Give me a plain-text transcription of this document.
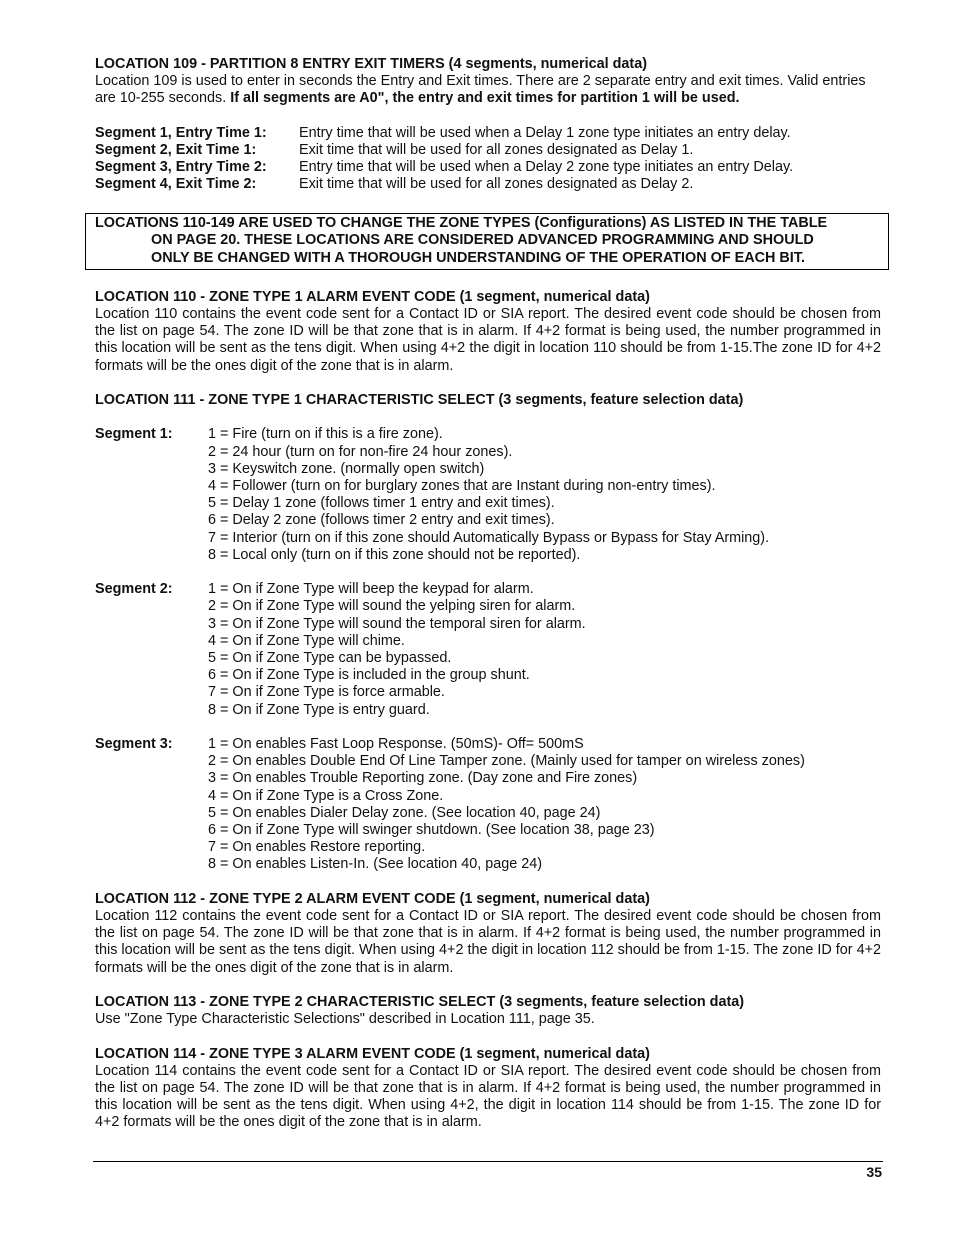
LOCATION 109 - PARTITION 8 ENTRY EXIT TIMERS (4 segments, numerical data)

Location 109 is used to enter in seconds the Entry and Exit times. There are 2 separate entry and exit times. Valid entries are 10-255 seconds. If all segments are A0", the entry and exit times for partition 1 will be used.

Segment 1, Entry Time 1:	Entry time that will be used when a Delay 1 zone type initiates an entry delay.
Segment 2, Exit Time 1:	Exit time that will be used for all zones designated as Delay 1.
Segment 3, Entry Time 2:	Entry time that will be used when a Delay 2 zone type initiates an entry Delay.
Segment 4, Exit Time 2:	Exit time that will be used for all zones designated as Delay 2.
LOCATIONS 110-149 ARE USED TO CHANGE THE ZONE TYPES (Configurations) AS LISTED IN THE TABLE
ON PAGE 20. THESE LOCATIONS ARE CONSIDERED ADVANCED PROGRAMMING AND SHOULD
ONLY BE CHANGED WITH A THOROUGH UNDERSTANDING OF THE OPERATION OF EACH BIT.

LOCATION 110 - ZONE TYPE 1 ALARM EVENT CODE (1 segment, numerical data)

Location 110 contains the event code sent for a Contact ID or SIA report. The desired event code should be chosen from the list on page 54. The zone ID will be that zone that is in alarm. If 4+2 format is being used, the number programmed in this location will be sent as the tens digit. When using 4+2 the digit in location 110 should be from 1-15.The zone ID for 4+2 formats will be the ones digit of the zone that is in alarm.

LOCATION 111 - ZONE TYPE 1 CHARACTERISTIC SELECT (3 segments, feature selection data)

Segment 1:	1 = Fire (turn on if this is a fire zone).
2 = 24 hour (turn on for non-fire 24 hour zones).
3 = Keyswitch zone. (normally open switch)
4 = Follower (turn on for burglary zones that are Instant during non-entry times).
5 = Delay 1 zone (follows timer 1 entry and exit times).
6 = Delay 2 zone (follows timer 2 entry and exit times).
7 = Interior (turn on if this zone should Automatically Bypass or Bypass for Stay Arming).
8 = Local only (turn on if this zone should not be reported).
Segment 2:	1 = On if Zone Type will beep the keypad for alarm.
2 = On if Zone Type will sound the yelping siren for alarm.
3 = On if Zone Type will sound the temporal siren for alarm.
4 = On if Zone Type will chime.
5 = On if Zone Type can be bypassed.
6 = On if Zone Type is included in the group shunt.
7 = On if Zone Type is force armable.
8 = On if Zone Type is entry guard.
Segment 3:	1 = On enables Fast Loop Response. (50mS)- Off= 500mS
2 = On enables Double End Of Line Tamper zone. (Mainly used for tamper on wireless zones)
3 = On enables Trouble Reporting zone. (Day zone and Fire zones)
4 = On if Zone Type is a Cross Zone.
5 = On enables Dialer Delay zone. (See location 40, page 24)
6 = On if Zone Type will swinger shutdown. (See location 38, page 23)
7 = On enables Restore reporting.
8 = On enables Listen-In. (See location 40, page 24)

LOCATION 112 - ZONE TYPE 2 ALARM EVENT CODE (1 segment, numerical data)

Location 112 contains the event code sent for a Contact ID or SIA report. The desired event code should be chosen from the list on page 54. The zone ID will be that zone that is in alarm. If 4+2 format is being used, the number programmed in this location will be sent as the tens digit. When using 4+2 the digit in location 112 should be from 1-15. The zone ID for 4+2 formats will be the ones digit of the zone that is in alarm.

LOCATION 113 - ZONE TYPE 2 CHARACTERISTIC SELECT (3 segments, feature selection data)

Use "Zone Type Characteristic Selections" described in Location 111, page 35.

LOCATION 114 - ZONE TYPE 3 ALARM EVENT CODE (1 segment, numerical data)

Location 114 contains the event code sent for a Contact ID or SIA report. The desired event code should be chosen from the list on page 54. The zone ID will be that zone that is in alarm. If 4+2 format is being used, the number programmed in this location will be sent as the tens digit. When using 4+2, the digit in location 114 should be from 1-15. The zone ID for 4+2 formats will be the ones digit of the zone that is in alarm.

35
